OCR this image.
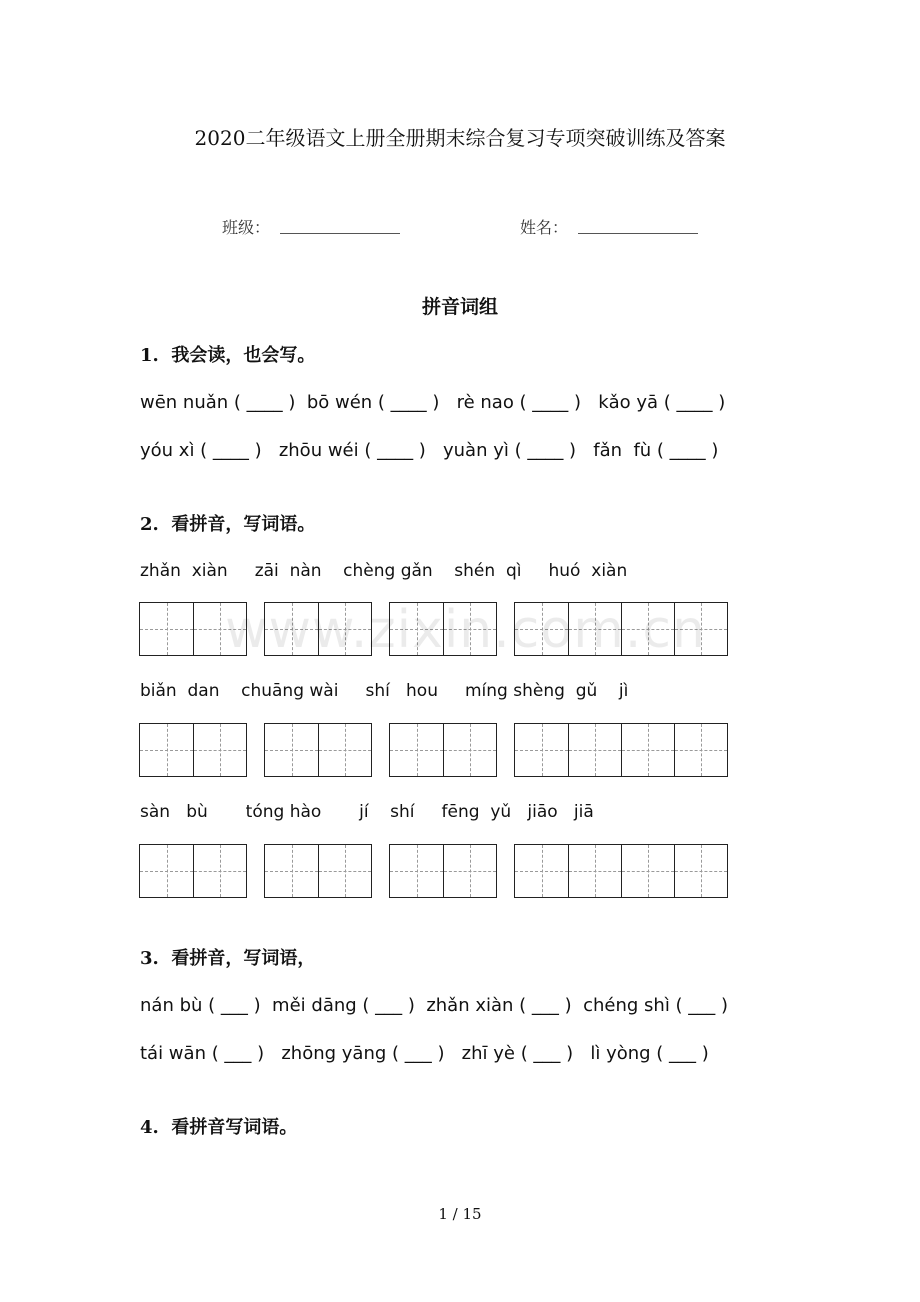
2020二年级语文上册全册期末综合复习专项突破训练及答案
班级：	姓名：
拼音词组
1.  我会读，也会写。
wēn nuǎn ( ____ )  bō wén ( ____ )   rè nao ( ____ )   kǎo yā ( ____ )
yóu xì ( ____ )   zhōu wéi ( ____ )   yuàn yì ( ____ )   fǎn  fù ( ____ )
2.  看拼音，写词语。
zhǎn  xiàn     zāi  nàn    chèng gǎn    shén  qì     huó  xiàn
biǎn  dan    chuāng wài     shí   hou     míng shèng  gǔ    jì
sàn   bù       tóng hào       jí    shí     fēng  yǔ   jiāo   jiā
3.  看拼音，写词语，
nán bù ( ___ )  měi dāng ( ___ )  zhǎn xiàn ( ___ )  chéng shì ( ___ )
tái wān ( ___ )   zhōng yāng ( ___ )   zhī yè ( ___ )   lì yòng ( ___ )
4.  看拼音写词语。
www.zixin.com.cn
1 / 15
